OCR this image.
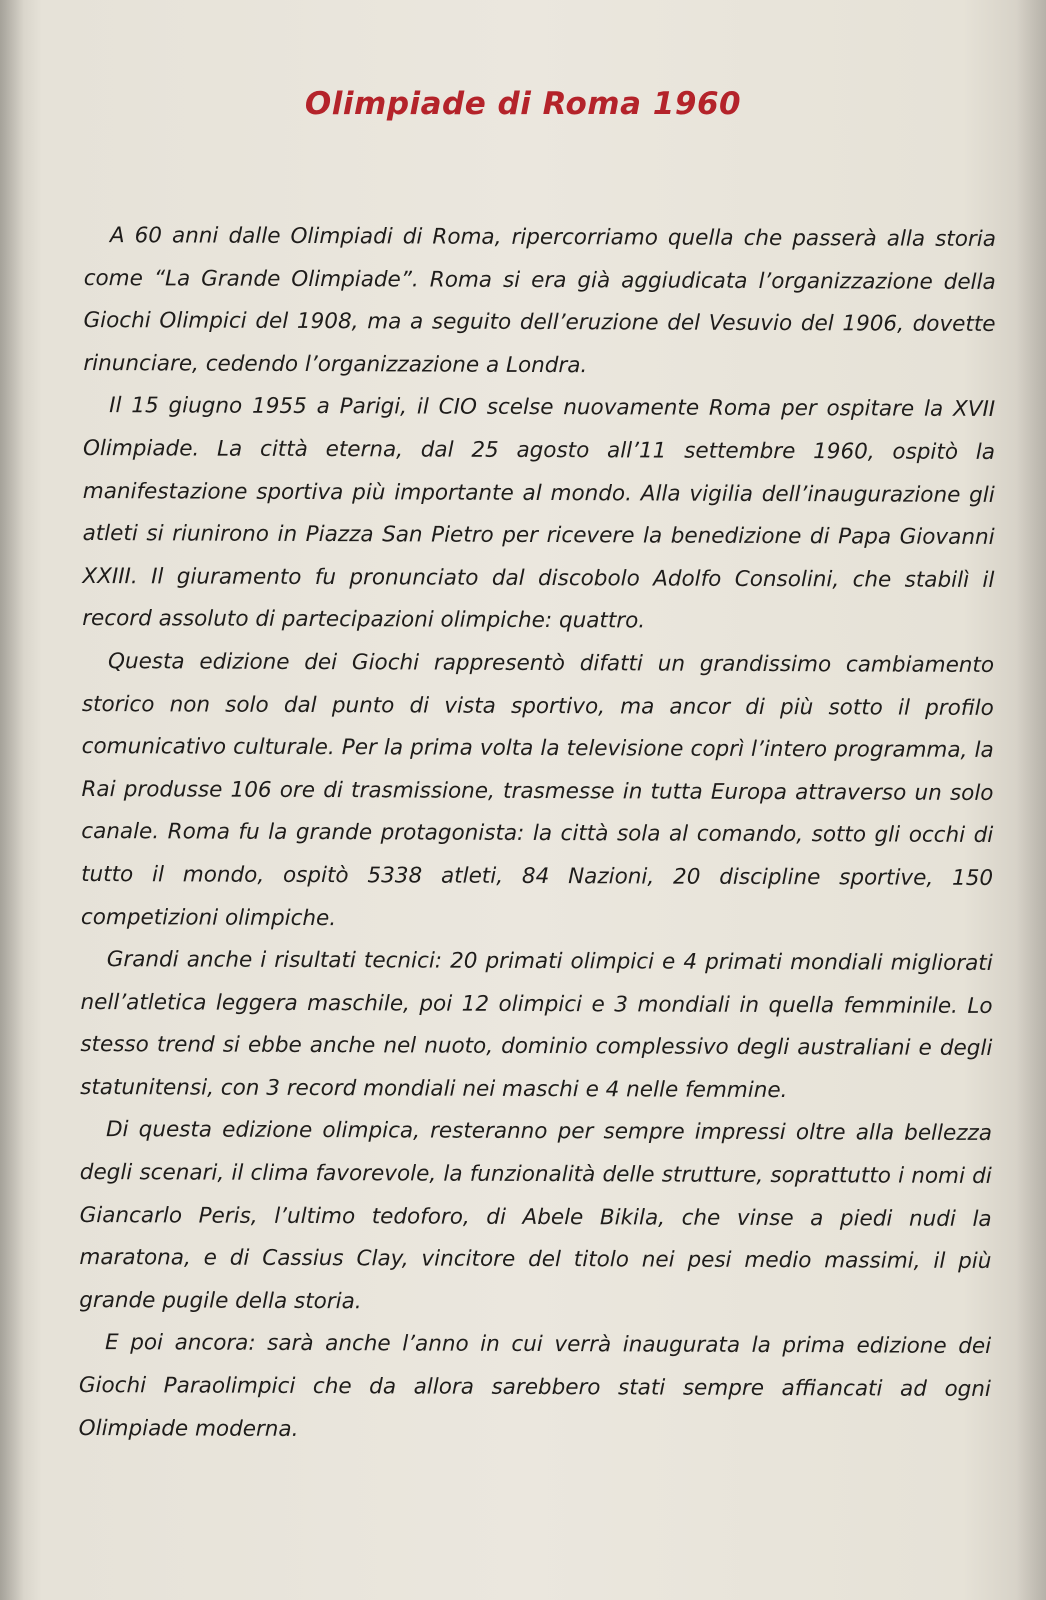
Olimpiade di Roma 1960

A 60 anni dalle Olimpiadi di Roma, ripercorriamo quella che passerà alla storia come “La Grande Olimpiade”. Roma si era già aggiudicata l’organizzazione della Giochi Olimpici del 1908, ma a seguito dell’eruzione del Vesuvio del 1906, dovette rinunciare, cedendo l’organizzazione a Londra.

Il 15 giugno 1955 a Parigi, il CIO scelse nuovamente Roma per ospitare la XVII Olimpiade. La città eterna, dal 25 agosto all’11 settembre 1960, ospitò la manifestazione sportiva più importante al mondo. Alla vigilia dell’inaugurazione gli atleti si riunirono in Piazza San Pietro per ricevere la benedizione di Papa Giovanni XXIII. Il giuramento fu pronunciato dal discobolo Adolfo Consolini, che stabilì il record assoluto di partecipazioni olimpiche: quattro.

Questa edizione dei Giochi rappresentò difatti un grandissimo cambiamento storico non solo dal punto di vista sportivo, ma ancor di più sotto il profilo comunicativo culturale. Per la prima volta la televisione coprì l’intero programma, la Rai produsse 106 ore di trasmissione, trasmesse in tutta Europa attraverso un solo canale. Roma fu la grande protagonista: la città sola al comando, sotto gli occhi di tutto il mondo, ospitò 5338 atleti, 84 Nazioni, 20 discipline sportive, 150 competizioni olimpiche.

Grandi anche i risultati tecnici: 20 primati olimpici e 4 primati mondiali migliorati nell’atletica leggera maschile, poi 12 olimpici e 3 mondiali in quella femminile. Lo stesso trend si ebbe anche nel nuoto, dominio complessivo degli australiani e degli statunitensi, con 3 record mondiali nei maschi e 4 nelle femmine.

Di questa edizione olimpica, resteranno per sempre impressi oltre alla bellezza degli scenari, il clima favorevole, la funzionalità delle strutture, soprattutto i nomi di Giancarlo Peris, l’ultimo tedoforo, di Abele Bikila, che vinse a piedi nudi la maratona, e di Cassius Clay, vincitore del titolo nei pesi medio massimi, il più grande pugile della storia.

E poi ancora: sarà anche l’anno in cui verrà inaugurata la prima edizione dei Giochi Paraolimpici che da allora sarebbero stati sempre affiancati ad ogni Olimpiade moderna.
